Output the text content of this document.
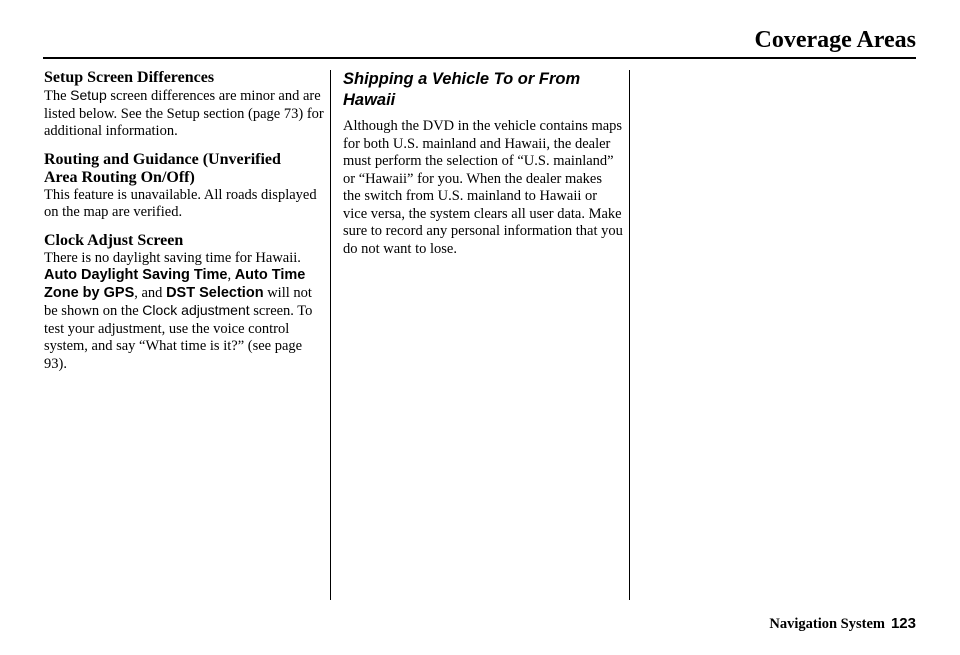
Coverage Areas
Setup Screen Differences

The Setup screen differences are minor and are listed below. See the Setup section (page 73) for additional information.

Routing and Guidance (Unverified
Area Routing On/Off)

This feature is unavailable. All roads displayed on the map are verified.

Clock Adjust Screen

There is no daylight saving time for Hawaii. Auto Daylight Saving Time, Auto Time Zone by GPS, and DST Selection will not be shown on the Clock adjustment screen. To test your adjustment, use the voice control system, and say “What time is it?” (see page 93).

Shipping a Vehicle To or From
Hawaii

Although the DVD in the vehicle contains maps for both U.S. mainland and Hawaii, the dealer must perform the selection of “U.S. mainland” or “Hawaii” for you. When the dealer makes the switch from U.S. mainland to Hawaii or vice versa, the system clears all user data. Make sure to record any personal information that you do not want to lose.

Navigation System 123
